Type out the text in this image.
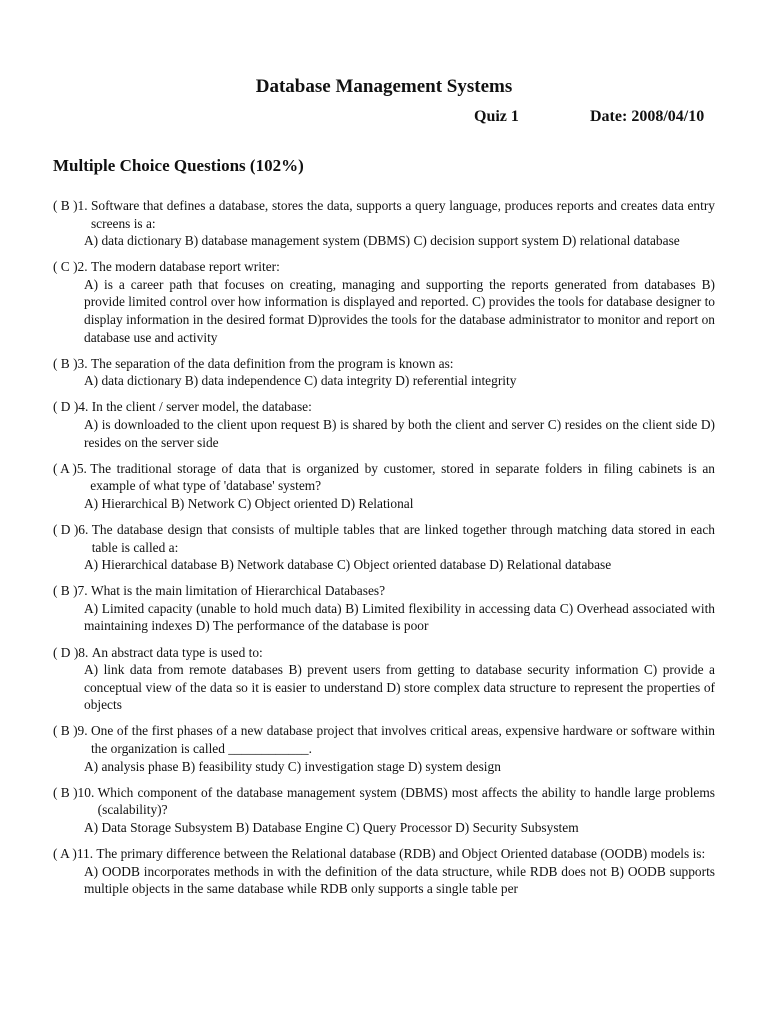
Database Management Systems
Quiz 1	Date: 2008/04/10
Multiple Choice Questions (102%)
( B ) 1.
Software that defines a database, stores the data, supports a query language, produces reports and creates data entry screens is a:
A) data dictionary B) database management system (DBMS) C) decision support system D) relational database
( C ) 2.
The modern database report writer:
A) is a career path that focuses on creating, managing and supporting the reports generated from databases B) provide limited control over how information is displayed and reported. C) provides the tools for database designer to display information in the desired format D)provides the tools for the database administrator to monitor and report on database use and activity
( B ) 3.
The separation of the data definition from the program is known as:
A) data dictionary B) data independence C) data integrity D) referential integrity
( D ) 4.
In the client / server model, the database:
A) is downloaded to the client upon request B) is shared by both the client and server C) resides on the client side D) resides on the server side
( A ) 5.
The traditional storage of data that is organized by customer, stored in separate folders in filing cabinets is an example of what type of 'database' system?
A) Hierarchical B) Network C) Object oriented D) Relational
( D ) 6.
The database design that consists of multiple tables that are linked together through matching data stored in each table is called a:
A) Hierarchical database B) Network database C) Object oriented database D) Relational database
( B ) 7.
What is the main limitation of Hierarchical Databases?
A) Limited capacity (unable to hold much data) B) Limited flexibility in accessing data C) Overhead associated with maintaining indexes D) The performance of the database is poor
( D ) 8.
An abstract data type is used to:
A) link data from remote databases B) prevent users from getting to database security information C) provide a conceptual view of the data so it is easier to understand D) store complex data structure to represent the properties of objects
( B ) 9.
One of the first phases of a new database project that involves critical areas, expensive hardware or software within the organization is called ____________.
A) analysis phase B) feasibility study C) investigation stage D) system design
( B ) 10.
Which component of the database management system (DBMS) most affects the ability to handle large problems (scalability)?
A) Data Storage Subsystem B) Database Engine C) Query Processor D) Security Subsystem
( A ) 11.
The primary difference between the Relational database (RDB) and Object Oriented database (OODB) models is:
A) OODB incorporates methods in with the definition of the data structure, while RDB does not B) OODB supports multiple objects in the same database while RDB only supports a single table per
